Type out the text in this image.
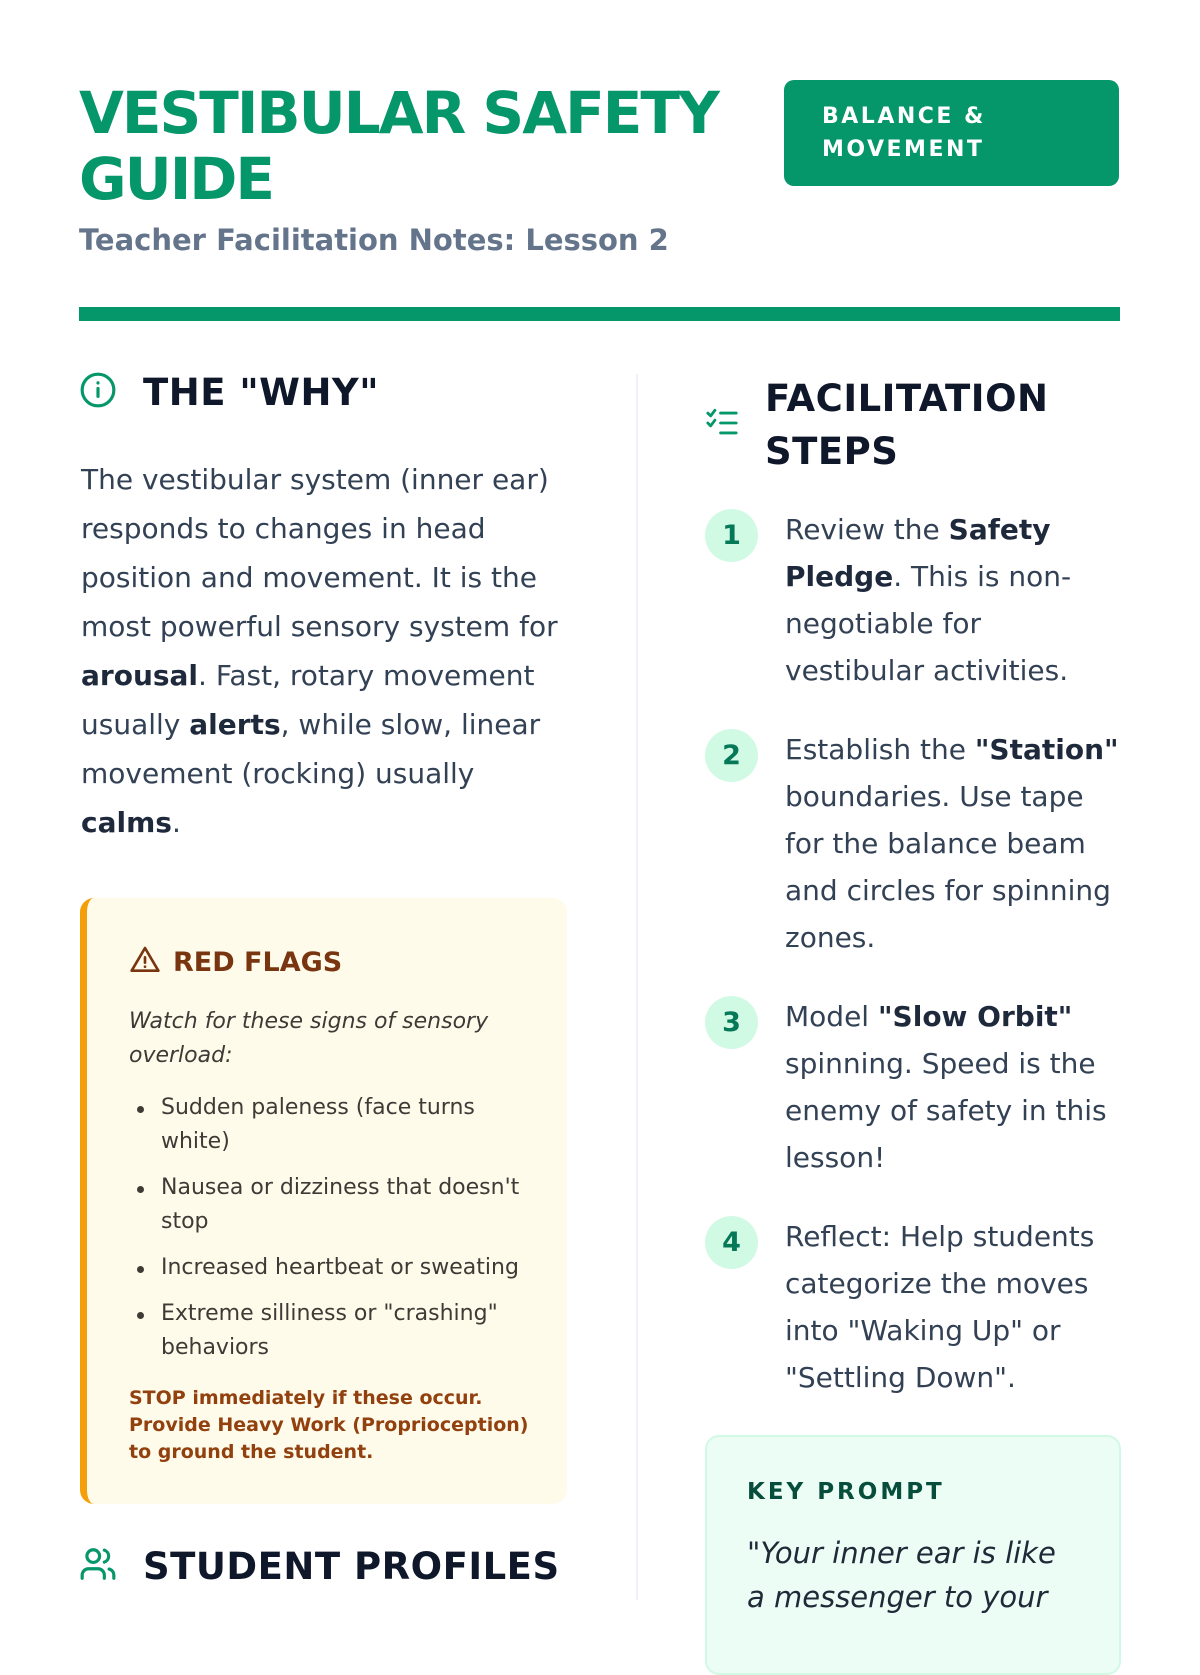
VESTIBULAR SAFETY GUIDE

Teacher Facilitation Notes: Lesson 2

BALANCE & MOVEMENT
THE "WHY"
The vestibular system (inner ear) responds to changes in head position and movement. It is the most powerful sensory system for arousal. Fast, rotary movement usually alerts, while slow, linear movement (rocking) usually calms.
RED FLAGS

Watch for these signs of sensory overload:

Sudden paleness (face turns white)
Nausea or dizziness that doesn't stop
Increased heartbeat or sweating
Extreme silliness or "crashing" behaviors

STOP immediately if these occur. Provide Heavy Work (Proprioception) to ground the student.

STUDENT PROFILES
FACILITATION STEPS
1	Review the Safety Pledge. This is non-negotiable for vestibular activities.
2	Establish the "Station" boundaries. Use tape for the balance beam and circles for spinning zones.
3	Model "Slow Orbit" spinning. Speed is the enemy of safety in this lesson!
4	Reflect: Help students categorize the moves into "Waking Up" or "Settling Down".
KEY PROMPT
"Your inner ear is like a messenger to your
